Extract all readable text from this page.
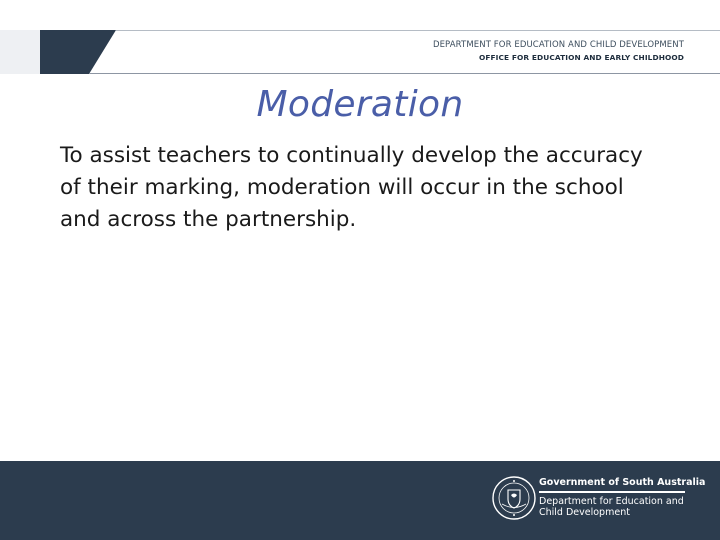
DEPARTMENT FOR EDUCATION AND CHILD DEVELOPMENT
OFFICE FOR EDUCATION AND EARLY CHILDHOOD
Moderation
To assist teachers to continually develop the accuracy of their marking, moderation will occur in the school and across the partnership.
Government of South Australia
Department for Education and
Child Development
